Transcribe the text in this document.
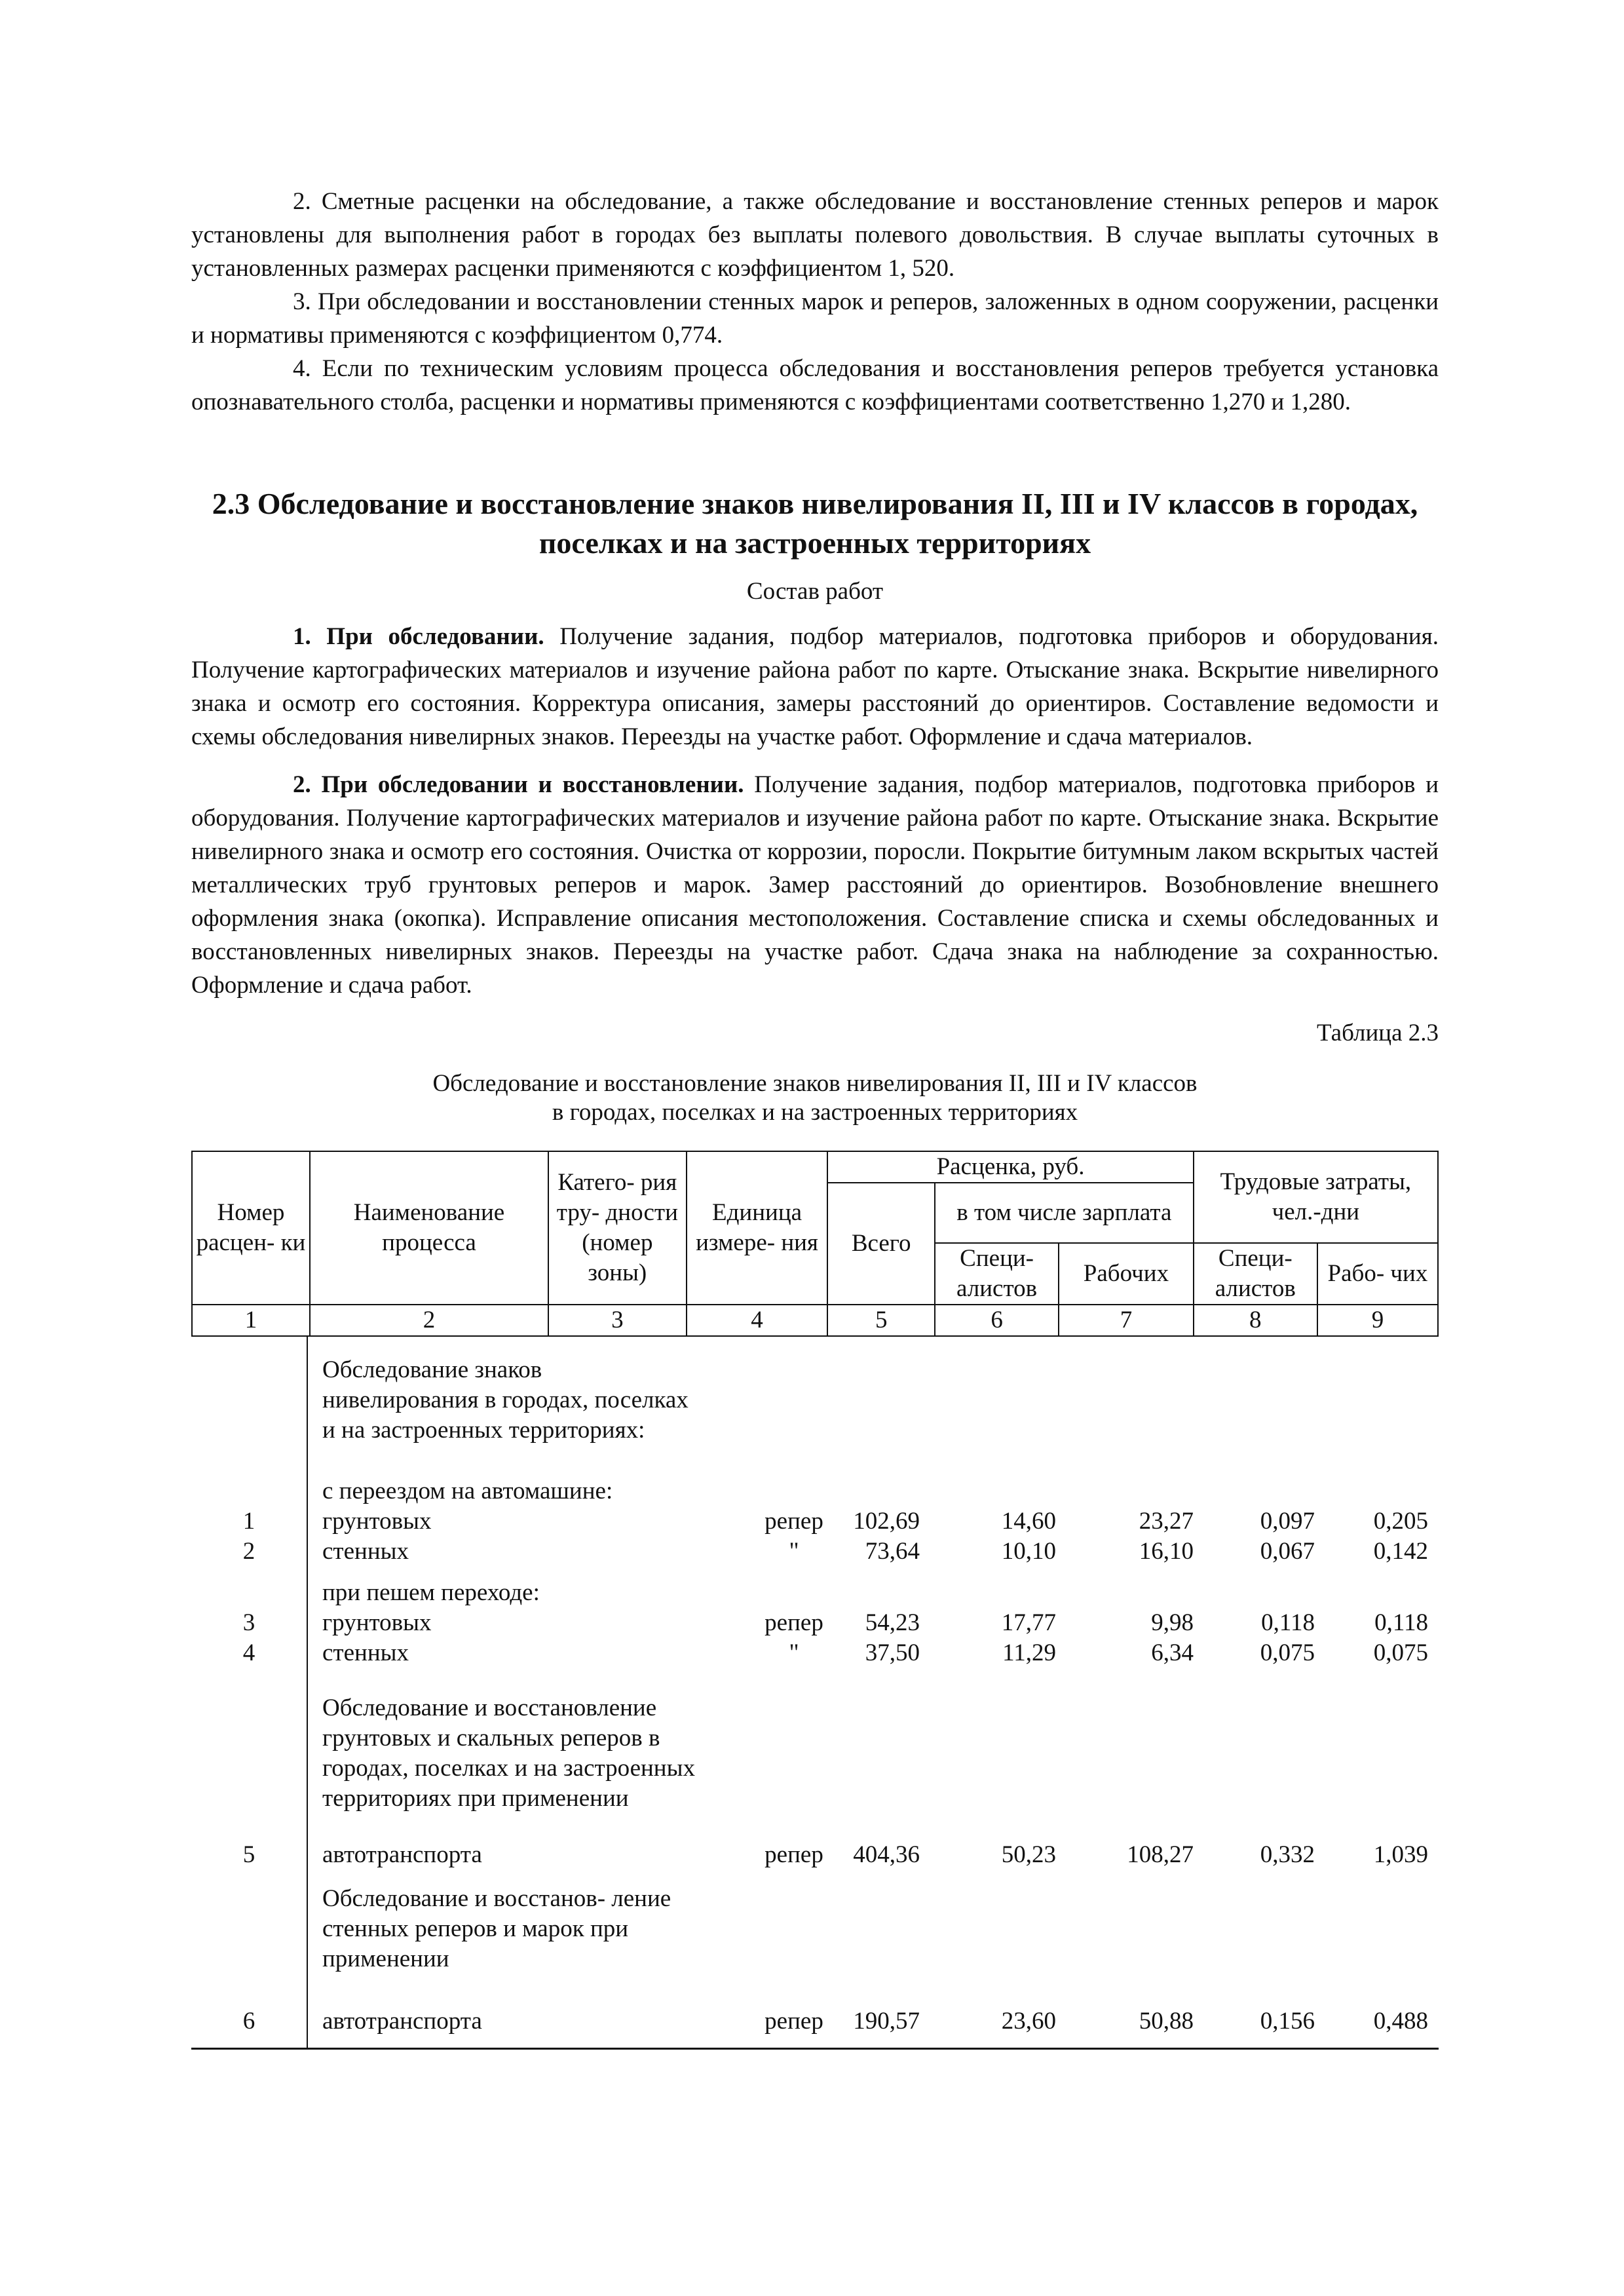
2. Сметные расценки на обследование, а также обследование и восстановление стенных реперов и марок установлены для выполнения работ в городах без выплаты полевого довольствия. В случае выплаты суточных в установленных размерах расценки применяются с коэффициентом 1, 520.

3. При обследовании и восстановлении стенных марок и реперов, заложенных в одном сооружении, расценки и нормативы применяются с коэффициентом 0,774.

4. Если по техническим условиям процесса обследования и восстановления реперов требуется установка опознавательного столба, расценки и нормативы применяются с коэффициентами соответственно 1,270 и 1,280.

2.3 Обследование и восстановление знаков нивелирования II, III и IV классов в городах, поселках и на застроенных территориях
Состав работ

1. При обследовании. Получение задания, подбор материалов, подготовка приборов и оборудования. Получение картографических материалов и изучение района работ по карте. Отыскание знака. Вскрытие нивелирного знака и осмотр его состояния. Корректура описания, замеры расстояний до ориентиров. Составление ведомости и схемы обследования нивелирных знаков. Переезды на участке работ. Оформление и сдача материалов.

2. При обследовании и восстановлении. Получение задания, подбор материалов, подготовка приборов и оборудования. Получение картографических материалов и изучение района работ по карте. Отыскание знака. Вскрытие нивелирного знака и осмотр его состояния. Очистка от коррозии, поросли. Покрытие битумным лаком вскрытых частей металлических труб грунтовых реперов и марок. Замер расстояний до ориентиров. Возобновление внешнего оформления знака (окопка). Исправление описания местоположения. Составление списка и схемы обследованных и восстановленных нивелирных знаков. Переезды на участке работ. Сдача знака на наблюдение за сохранностью. Оформление и сдача работ.

Таблица 2.3

Обследование и восстановление знаков нивелирования II, III и IV классов
в городах, поселках и на застроенных территориях
Номер расцен- ки	Наименование процесса	Катего- рия тру- дности (номер зоны)	Единица измере- ния	Расценка, руб.			Трудовые затраты, чел.-дни	
				Всего	в том числе зарплата			
					Специ- алистов	Рабочих	Специ- алистов	Рабо- чих
1	2	3	4	5	6	7	8	9
Обследование знаков нивелирования в городах, поселках и на застроенных территориях:
с переездом на автомашине:
при пешем переходе:
Обследование и восстановление грунтовых и скальных реперов в городах, поселках и на застроенных территориях при применении
Обследование и восстанов- ление стенных реперов и марок при применении
1	грунтовых	репер	102,69	14,60	23,27	0,097 0,205
2	стенных	"	73,64	10,10	16,10	0,067 0,142
3	грунтовых	репер	54,23	17,77	9,98	0,118 0,118
4	стенных	"	37,50	11,29	6,34	0,075 0,075
5	автотранспорта	репер	404,36	50,23	108,27	0,332 1,039
6	автотранспорта	репер	190,57	23,60	50,88	0,156 0,488
